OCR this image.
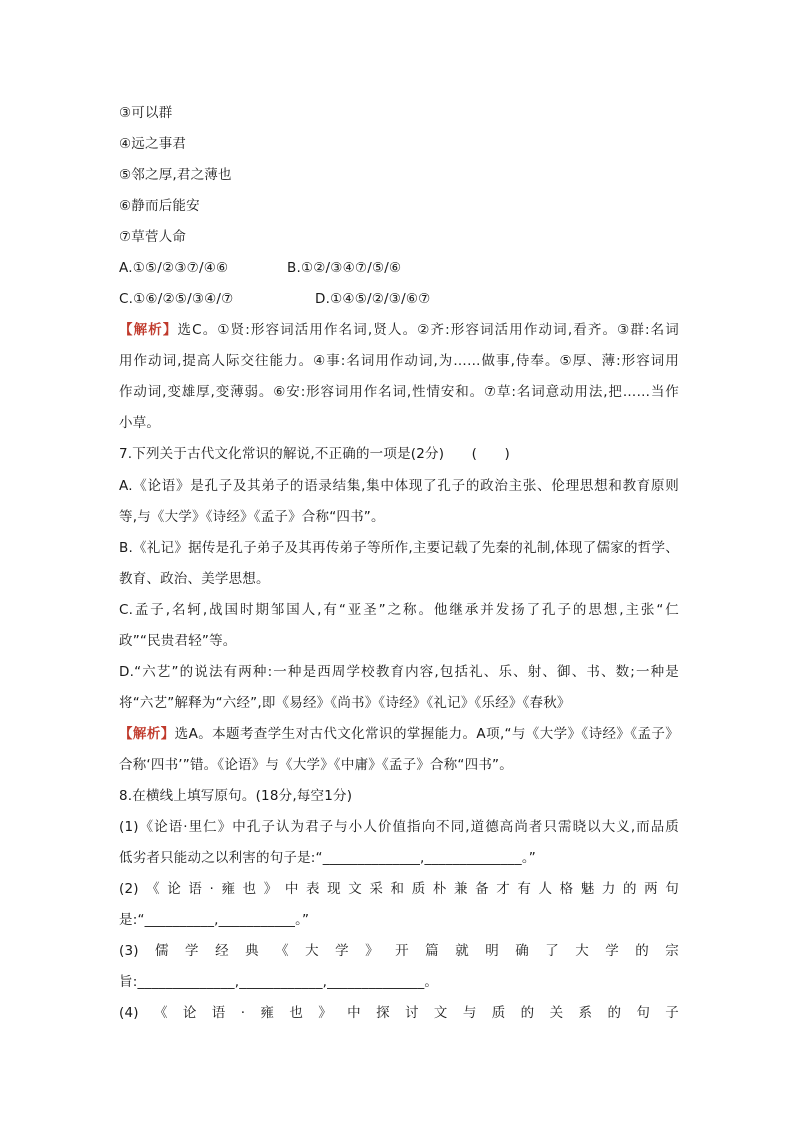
③可以群
④远之事君
⑤邻之厚,君之薄也
⑥静而后能安
⑦草菅人命
A.①⑤/②③⑦/④⑥	B.①②/③④⑦/⑤/⑥
C.①⑥/②⑤/③④/⑦	D.①④⑤/②/③/⑥⑦
【解析】选C。①贤:形容词活用作名词,贤人。②齐:形容词活用作动词,看齐。③群:名词
用作动词,提高人际交往能力。④事:名词用作动词,为……做事,侍奉。⑤厚、薄:形容词用
作动词,变雄厚,变薄弱。⑥安:形容词用作名词,性情安和。⑦草:名词意动用法,把……当作
小草。
7.下列关于古代文化常识的解说,不正确的一项是(2分)　　(　　)
A.《论语》是孔子及其弟子的语录结集,集中体现了孔子的政治主张、伦理思想和教育原则
等,与《大学》《诗经》《孟子》合称“四书”。
B.《礼记》据传是孔子弟子及其再传弟子等所作,主要记载了先秦的礼制,体现了儒家的哲学、
教育、政治、美学思想。
C.孟子,名轲,战国时期邹国人,有“亚圣”之称。他继承并发扬了孔子的思想,主张“仁
政”“民贵君轻”等。
D.“六艺”的说法有两种:一种是西周学校教育内容,包括礼、乐、射、御、书、数;一种是
将“六艺”解释为“六经”,即《易经》《尚书》《诗经》《礼记》《乐经》《春秋》
【解析】选A。本题考查学生对古代文化常识的掌握能力。A项,“与《大学》《诗经》《孟子》
合称‘四书’”错。《论语》与《大学》《中庸》《孟子》合称“四书”。
8.在横线上填写原句。(18分,每空1分)
(1)《论语·里仁》中孔子认为君子与小人价值指向不同,道德高尚者只需晓以大义,而品质
低劣者只能动之以利害的句子是:“______________,______________。”
(2)《论语·雍也》中表现文采和质朴兼备才有人格魅力的两句
是:“__________,___________。”
(3)儒学经典《大学》开篇就明确了大学的宗
旨:______________,____________,______________。
(4)《论语·雍也》中探讨文与质的关系的句子
